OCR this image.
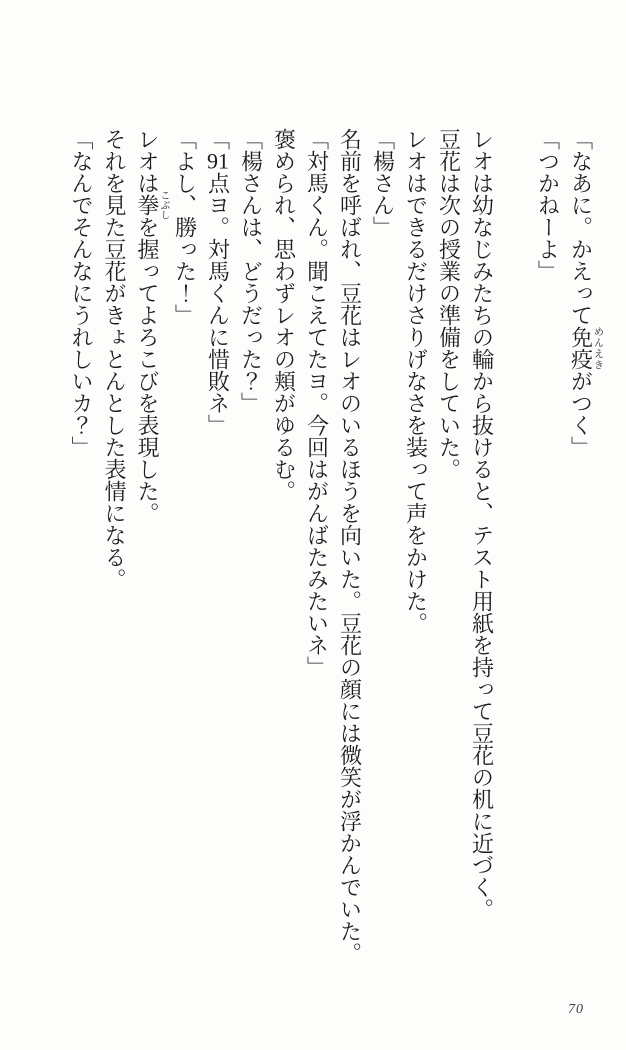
「なあに。かえって免疫めんえきがつく」

「つかねーよ」

レオは幼なじみたちの輪から抜けると、テスト用紙を持って豆花の机に近づく。

豆花は次の授業の準備をしていた。

レオはできるだけさりげなさを装って声をかけた。

「楊さん」

名前を呼ばれ、豆花はレオのいるほうを向いた。豆花の顔には微笑が浮かんでいた。

「対馬くん。聞こえてたヨ。今回はがんばたみたいネ」

褒められ、思わずレオの頬がゆるむ。

「楊さんは、どうだった？」

「91点ヨ。対馬くんに惜敗ネ」

「よし、勝った！」

レオは拳こぶしを握ってよろこびを表現した。

それを見た豆花がきょとんとした表情になる。

「なんでそんなにうれしいカ？」

70
